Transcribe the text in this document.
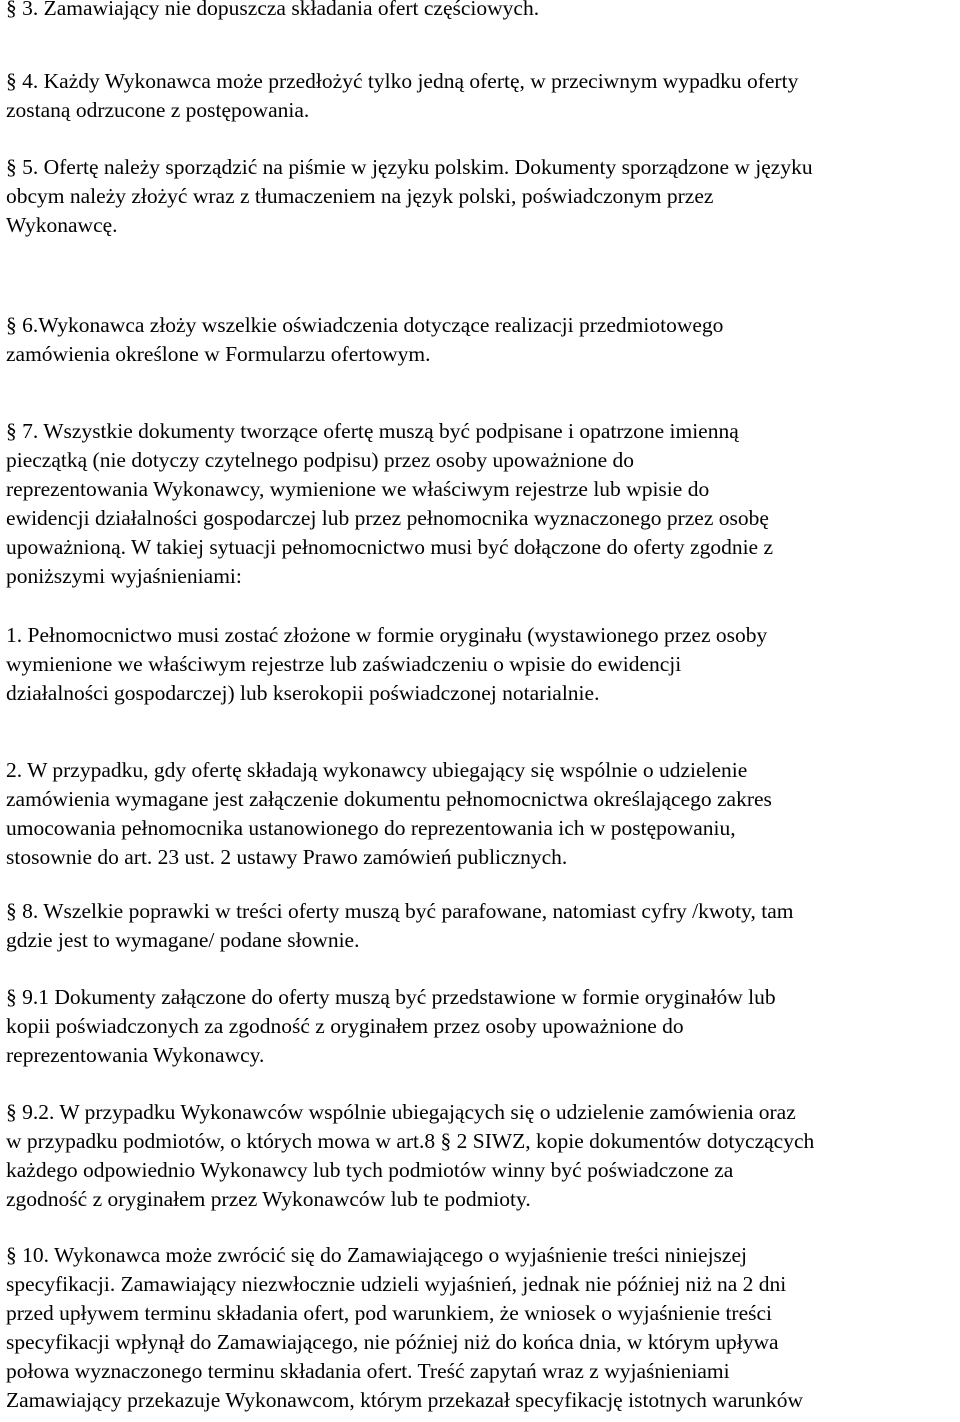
§ 3. Zamawiający nie dopuszcza składania ofert częściowych.
§ 4. Każdy Wykonawca może przedłożyć tylko jedną ofertę, w przeciwnym wypadku oferty
zostaną odrzucone z postępowania.
§ 5. Ofertę należy sporządzić na piśmie w języku polskim. Dokumenty sporządzone w języku
obcym należy złożyć wraz z tłumaczeniem na język polski, poświadczonym przez
Wykonawcę.
§ 6.Wykonawca złoży wszelkie oświadczenia dotyczące realizacji przedmiotowego
zamówienia określone w Formularzu ofertowym.
§ 7. Wszystkie dokumenty tworzące ofertę muszą być podpisane i opatrzone imienną
pieczątką (nie dotyczy czytelnego podpisu) przez osoby upoważnione do
reprezentowania Wykonawcy, wymienione we właściwym rejestrze lub wpisie do
ewidencji działalności gospodarczej lub przez pełnomocnika wyznaczonego przez osobę
upoważnioną. W takiej sytuacji pełnomocnictwo musi być dołączone do oferty zgodnie z
poniższymi wyjaśnieniami:
1. Pełnomocnictwo musi zostać złożone w formie oryginału (wystawionego przez osoby
wymienione we właściwym rejestrze lub zaświadczeniu o wpisie do ewidencji
działalności gospodarczej) lub kserokopii poświadczonej notarialnie.
2. W przypadku, gdy ofertę składają wykonawcy ubiegający się wspólnie o udzielenie
zamówienia wymagane jest załączenie dokumentu pełnomocnictwa określającego zakres
umocowania pełnomocnika ustanowionego do reprezentowania ich w postępowaniu,
stosownie do art. 23 ust. 2 ustawy Prawo zamówień publicznych.
§ 8. Wszelkie poprawki w treści oferty muszą być parafowane, natomiast cyfry /kwoty, tam
gdzie jest to wymagane/ podane słownie.
§ 9.1 Dokumenty załączone do oferty muszą być przedstawione w formie oryginałów lub
kopii poświadczonych za zgodność z oryginałem przez osoby upoważnione do
reprezentowania Wykonawcy.
§ 9.2. W przypadku Wykonawców wspólnie ubiegających się o udzielenie zamówienia oraz
w przypadku podmiotów, o których mowa w art.8 § 2 SIWZ, kopie dokumentów dotyczących
każdego odpowiednio Wykonawcy lub tych podmiotów winny być poświadczone za
zgodność z oryginałem przez Wykonawców lub te podmioty.
§ 10. Wykonawca może zwrócić się do Zamawiającego o wyjaśnienie treści niniejszej
specyfikacji. Zamawiający niezwłocznie udzieli wyjaśnień, jednak nie później niż na 2 dni
przed upływem terminu składania ofert, pod warunkiem, że wniosek o wyjaśnienie treści
specyfikacji wpłynął do Zamawiającego, nie później niż do końca dnia, w którym upływa
połowa wyznaczonego terminu składania ofert. Treść zapytań wraz z wyjaśnieniami
Zamawiający przekazuje Wykonawcom, którym przekazał specyfikację istotnych warunków
